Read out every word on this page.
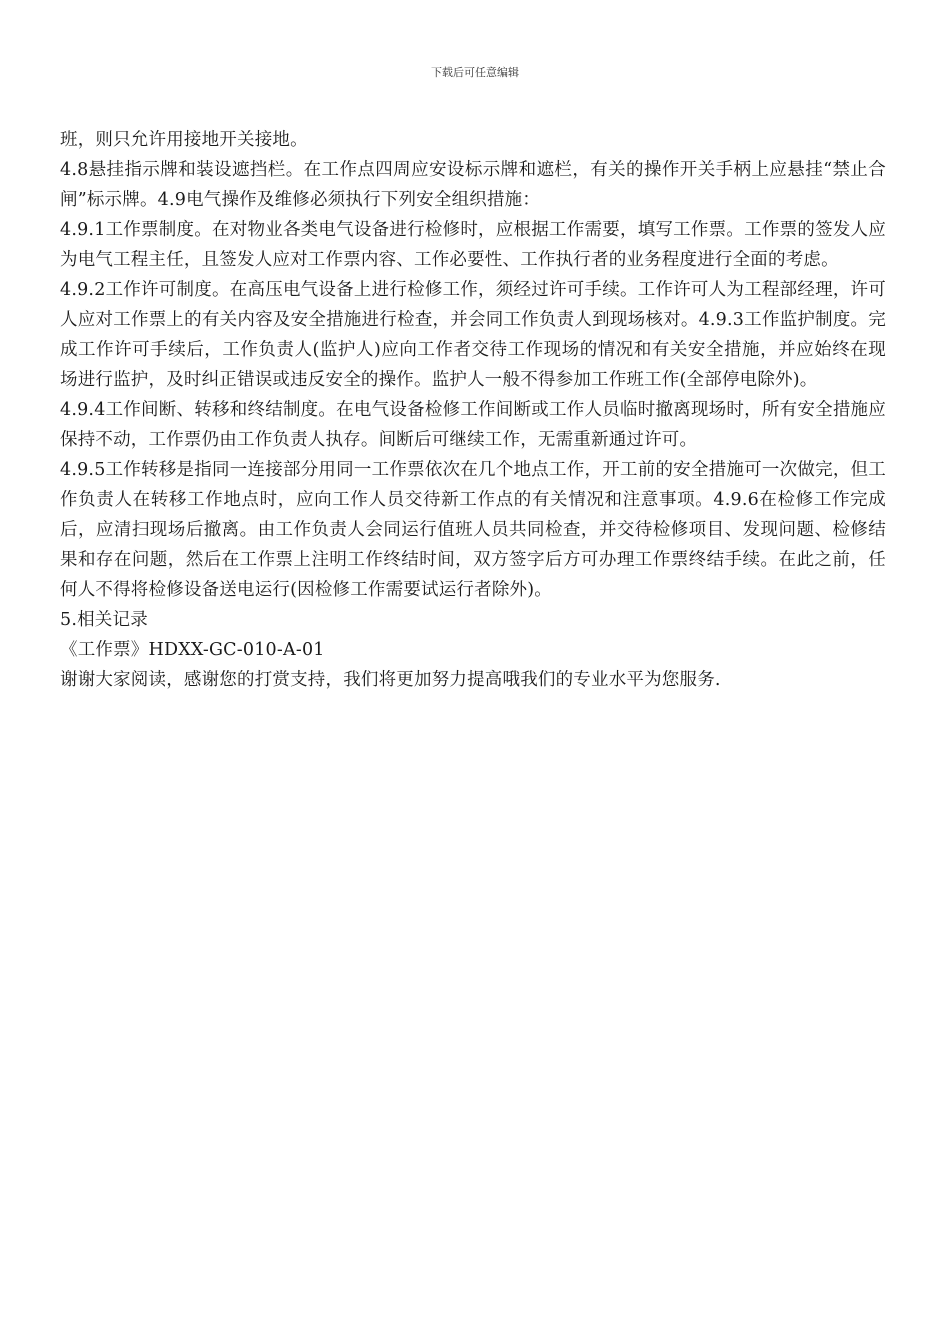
下载后可任意编辑

班，则只允许用接地开关接地。

4.8悬挂指示牌和装设遮挡栏。在工作点四周应安设标示牌和遮栏，有关的操作开关手柄上应悬挂“禁止合闸”标示牌。4.9电气操作及维修必须执行下列安全组织措施：

4.9.1工作票制度。在对物业各类电气设备进行检修时，应根据工作需要，填写工作票。工作票的签发人应为电气工程主任，且签发人应对工作票内容、工作必要性、工作执行者的业务程度进行全面的考虑。

4.9.2工作许可制度。在高压电气设备上进行检修工作，须经过许可手续。工作许可人为工程部经理，许可人应对工作票上的有关内容及安全措施进行检查，并会同工作负责人到现场核对。4.9.3工作监护制度。完成工作许可手续后，工作负责人(监护人)应向工作者交待工作现场的情况和有关安全措施，并应始终在现场进行监护，及时纠正错误或违反安全的操作。监护人一般不得参加工作班工作(全部停电除外)。

4.9.4工作间断、转移和终结制度。在电气设备检修工作间断或工作人员临时撤离现场时，所有安全措施应保持不动，工作票仍由工作负责人执存。间断后可继续工作，无需重新通过许可。

4.9.5工作转移是指同一连接部分用同一工作票依次在几个地点工作，开工前的安全措施可一次做完，但工作负责人在转移工作地点时，应向工作人员交待新工作点的有关情况和注意事项。4.9.6在检修工作完成后，应清扫现场后撤离。由工作负责人会同运行值班人员共同检查，并交待检修项目、发现问题、检修结果和存在问题，然后在工作票上注明工作终结时间，双方签字后方可办理工作票终结手续。在此之前，任何人不得将检修设备送电运行(因检修工作需要试运行者除外)。

5.相关记录

《工作票》HDXX-GC-010-A-01

谢谢大家阅读，感谢您的打赏支持，我们将更加努力提高哦我们的专业水平为您服务.
